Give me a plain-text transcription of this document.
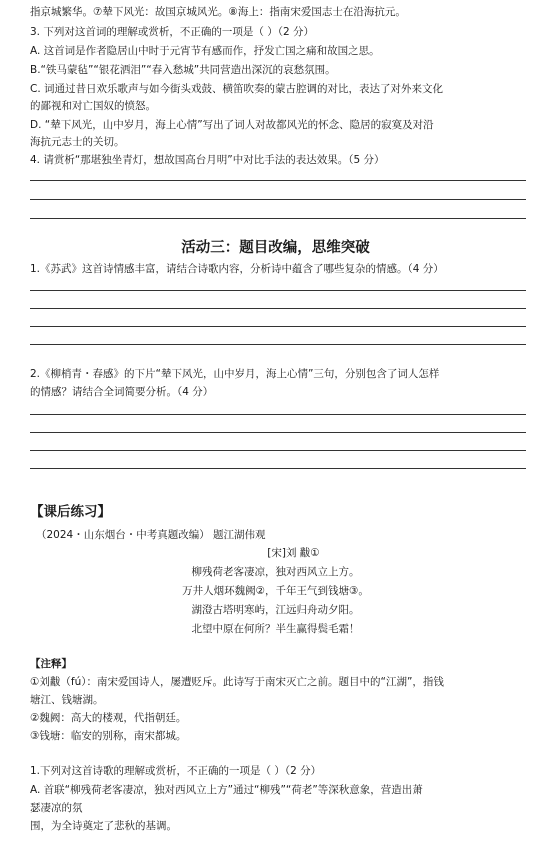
指京城繁华。⑦辇下风光：故国京城风光。⑧海上：指南宋爱国志士在沿海抗元。
3. 下列对这首词的理解或赏析，不正确的一项是（ ）（2 分）
A. 这首词是作者隐居山中时于元宵节有感而作，抒发亡国之痛和故国之思。
B.“铁马蒙毡”“银花洒泪”“春入愁城”共同营造出深沉的哀愁氛围。
C. 词通过昔日欢乐歌声与如今街头戏鼓、横笛吹奏的蒙古腔调的对比，表达了对外来文化
的鄙视和对亡国奴的愤怒。
D. “辇下风光，山中岁月，海上心情”写出了词人对故都风光的怀念、隐居的寂寞及对沿
海抗元志士的关切。
4. 请赏析“那堪独坐青灯，想故国高台月明”中对比手法的表达效果。（5 分）
活动三：题目改编，思维突破
1.《苏武》这首诗情感丰富，请结合诗歌内容，分析诗中蕴含了哪些复杂的情感。（4 分）
2.《柳梢青・春感》的下片“辇下风光，山中岁月，海上心情”三句，分别包含了词人怎样
的情感？请结合全词简要分析。（4 分）
【课后练习】
（2024・山东烟台・中考真题改编） 题江湖伟观
[宋]刘 黻①
柳残荷老客凄凉，独对西风立上方。
万井人烟环魏阙②，千年王气到钱塘③。
湖澄古塔明寒屿，江远归舟动夕阳。
北望中原在何所？半生赢得鬓毛霜！
【注释】
①刘黻（fú）：南宋爱国诗人，屡遭贬斥。此诗写于南宋灭亡之前。题目中的“江湖”，指钱
塘江、钱塘湖。
②魏阙：高大的楼观，代指朝廷。
③钱塘：临安的别称，南宋都城。
1.下列对这首诗歌的理解或赏析，不正确的一项是（ ）（2 分）
A. 首联“柳残荷老客凄凉，独对西风立上方”通过“柳残”“荷老”等深秋意象，营造出萧
瑟凄凉的氛
围，为全诗奠定了悲秋的基调。
